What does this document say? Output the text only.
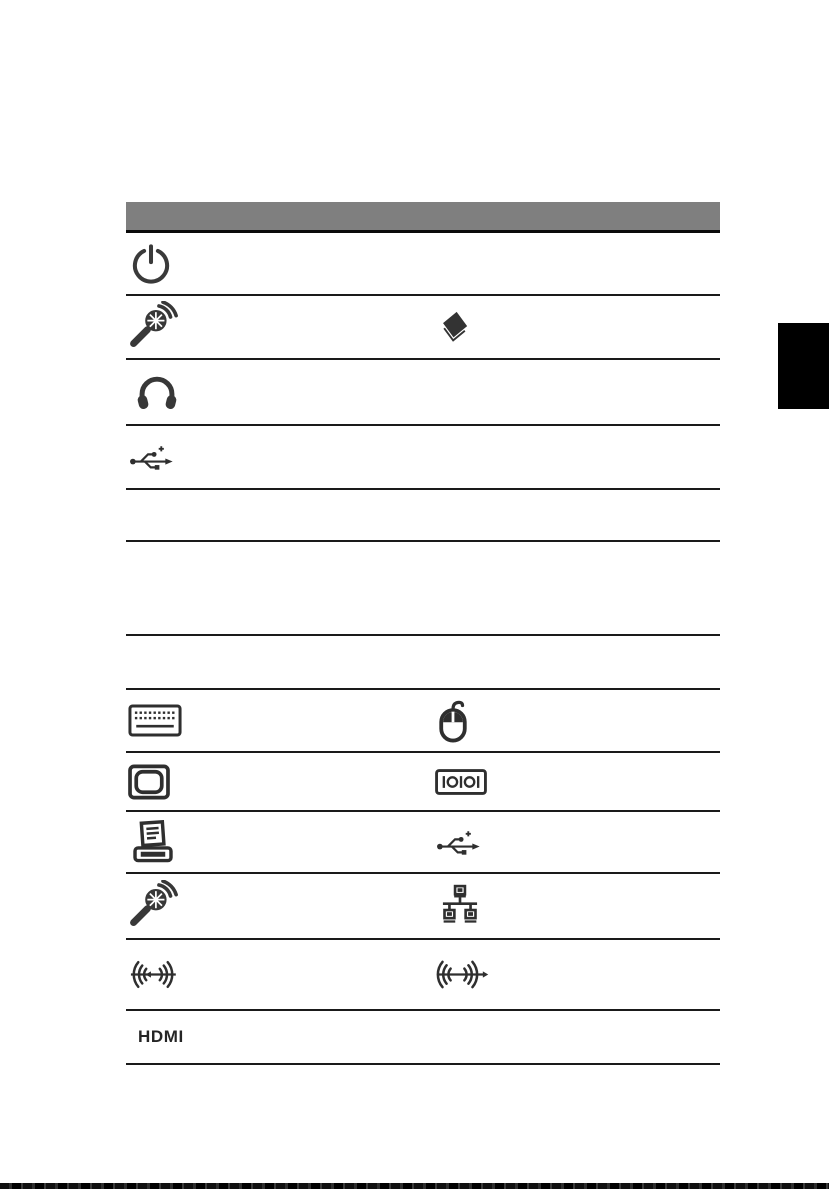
HDMI
